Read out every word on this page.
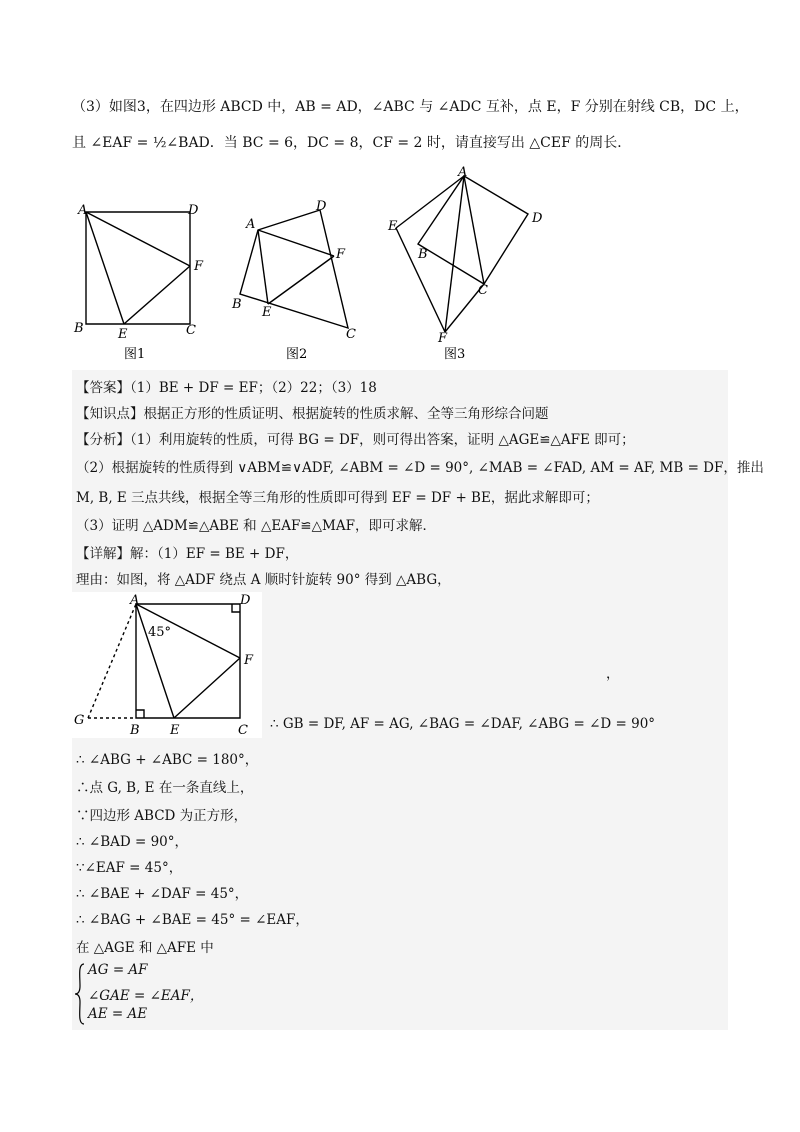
（3）如图3，在四边形 ABCD 中，AB = AD，∠ABC 与 ∠ADC 互补，点 E，F 分别在射线 CB，DC 上，
且 ∠EAF = ½∠BAD．当 BC = 6，DC = 8，CF = 2 时，请直接写出 △CEF 的周长．
A	D
F
B	E	C
图1
A
D
F
B
E
C
图2
A
D
E
B
C
F
图3
【答案】（1）BE + DF = EF；（2）22；（3）18
【知识点】根据正方形的性质证明、根据旋转的性质求解、全等三角形综合问题
【分析】（1）利用旋转的性质，可得 BG = DF，则可得出答案，证明 △AGE≌△AFE 即可；
（2）根据旋转的性质得到 ∨ABM≌∨ADF, ∠ABM = ∠D = 90°, ∠MAB = ∠FAD, AM = AF, MB = DF，推出
M, B, E 三点共线，根据全等三角形的性质即可得到 EF = DF + BE，据此求解即可；
（3）证明 △ADM≌△ABE 和 △EAF≌△MAF，即可求解．
【详解】解：（1）EF = BE + DF，
理由：如图，将 △ADF 绕点 A 顺时针旋转 90° 得到 △ABG，
A	D
F
G
B E	C
45°
，
∴ GB = DF, AF = AG, ∠BAG = ∠DAF, ∠ABG = ∠D = 90°
∴ ∠ABG + ∠ABC = 180°，
∴点 G, B, E 在一条直线上，
∵四边形 ABCD 为正方形，
∴ ∠BAD = 90°，
∵∠EAF = 45°，
∴ ∠BAE + ∠DAF = 45°，
∴ ∠BAG + ∠BAE = 45° = ∠EAF，
在 △AGE 和 △AFE 中
AG = AF
∠GAE = ∠EAF，
AE = AE
